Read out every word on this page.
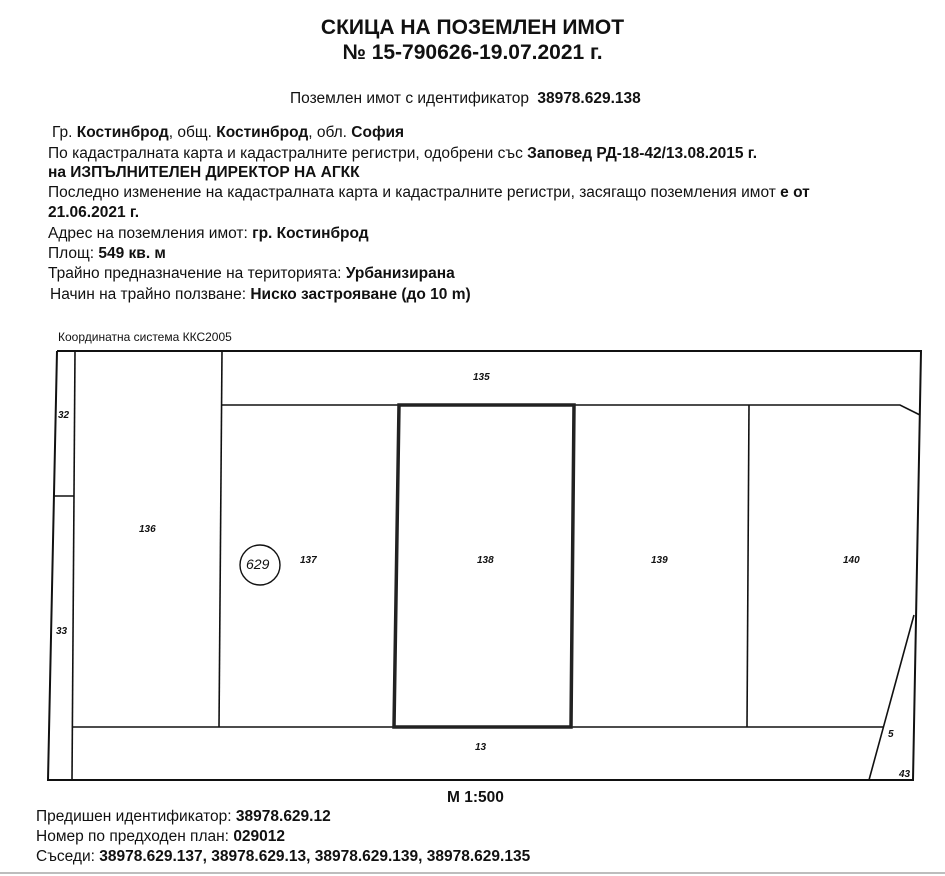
СКИЦА НА ПОЗЕМЛЕН ИМОТ
№ 15-790626-19.07.2021 г.
Поземлен имот с идентификатор 38978.629.138
Гр. Костинброд, общ. Костинброд, обл. София
По кадастралната карта и кадастралните регистри, одобрени със Заповед РД-18-42/13.08.2015 г.
на ИЗПЪЛНИТЕЛЕН ДИРЕКТОР НА АГКК
Последно изменение на кадастралната карта и кадастралните регистри, засягащо поземления имот е от
21.06.2021 г.
Адрес на поземления имот: гр. Костинброд
Площ: 549 кв. м
Трайно предназначение на територията: Урбанизирана
Начин на трайно ползване: Ниско застрояване (до 10 m)
Координатна система ККС2005
32
33
135
136
137	138	139	140
13
5
43
629
М 1:500
Предишен идентификатор: 38978.629.12
Номер по предходен план: 029012
Съседи: 38978.629.137, 38978.629.13, 38978.629.139, 38978.629.135
